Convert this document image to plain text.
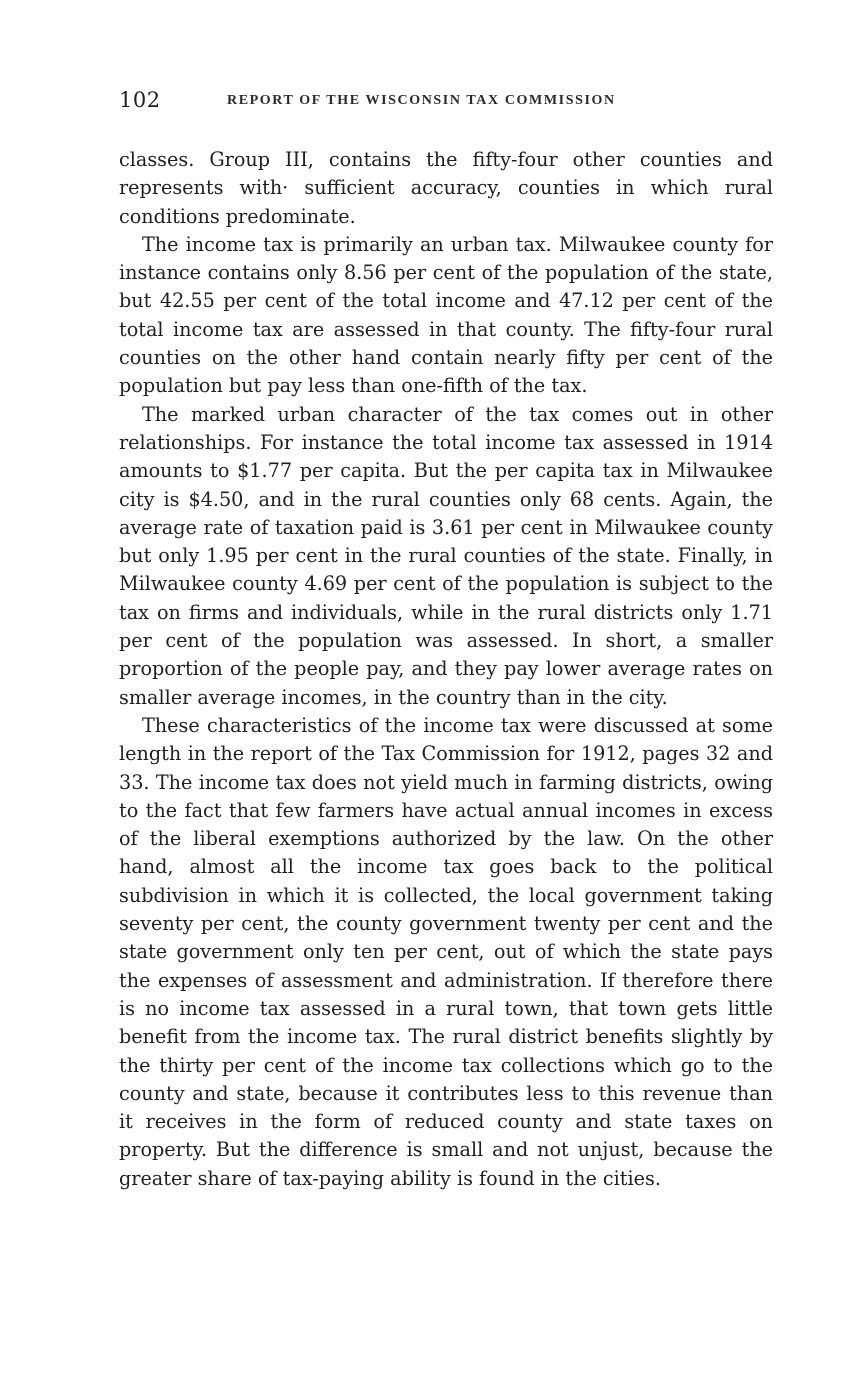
102	REPORT OF THE WISCONSIN TAX COMMISSION

classes. Group III, contains the fifty-four other counties and represents with· sufficient accuracy, counties in which rural conditions predominate.

The income tax is primarily an urban tax. Milwaukee county for instance contains only 8.56 per cent of the population of the state, but 42.55 per cent of the total income and 47.12 per cent of the total income tax are assessed in that county. The fifty-four rural counties on the other hand contain nearly fifty per cent of the population but pay less than one-fifth of the tax.

The marked urban character of the tax comes out in other relationships. For instance the total income tax assessed in 1914 amounts to $1.77 per capita. But the per capita tax in Milwaukee city is $4.50, and in the rural counties only 68 cents. Again, the average rate of taxation paid is 3.61 per cent in Milwaukee county but only 1.95 per cent in the rural counties of the state. Finally, in Milwaukee county 4.69 per cent of the population is subject to the tax on firms and individuals, while in the rural districts only 1.71 per cent of the population was assessed. In short, a smaller proportion of the people pay, and they pay lower average rates on smaller average incomes, in the country than in the city.

These characteristics of the income tax were discussed at some length in the report of the Tax Commission for 1912, pages 32 and 33. The income tax does not yield much in farming districts, owing to the fact that few farmers have actual annual incomes in excess of the liberal exemptions authorized by the law. On the other hand, almost all the income tax goes back to the political subdivision in which it is collected, the local government taking seventy per cent, the county government twenty per cent and the state government only ten per cent, out of which the state pays the expenses of assessment and administration. If therefore there is no income tax assessed in a rural town, that town gets little benefit from the income tax. The rural district benefits slightly by the thirty per cent of the income tax collections which go to the county and state, because it contributes less to this revenue than it receives in the form of reduced county and state taxes on property. But the difference is small and not unjust, because the greater share of tax-paying ability is found in the cities.
